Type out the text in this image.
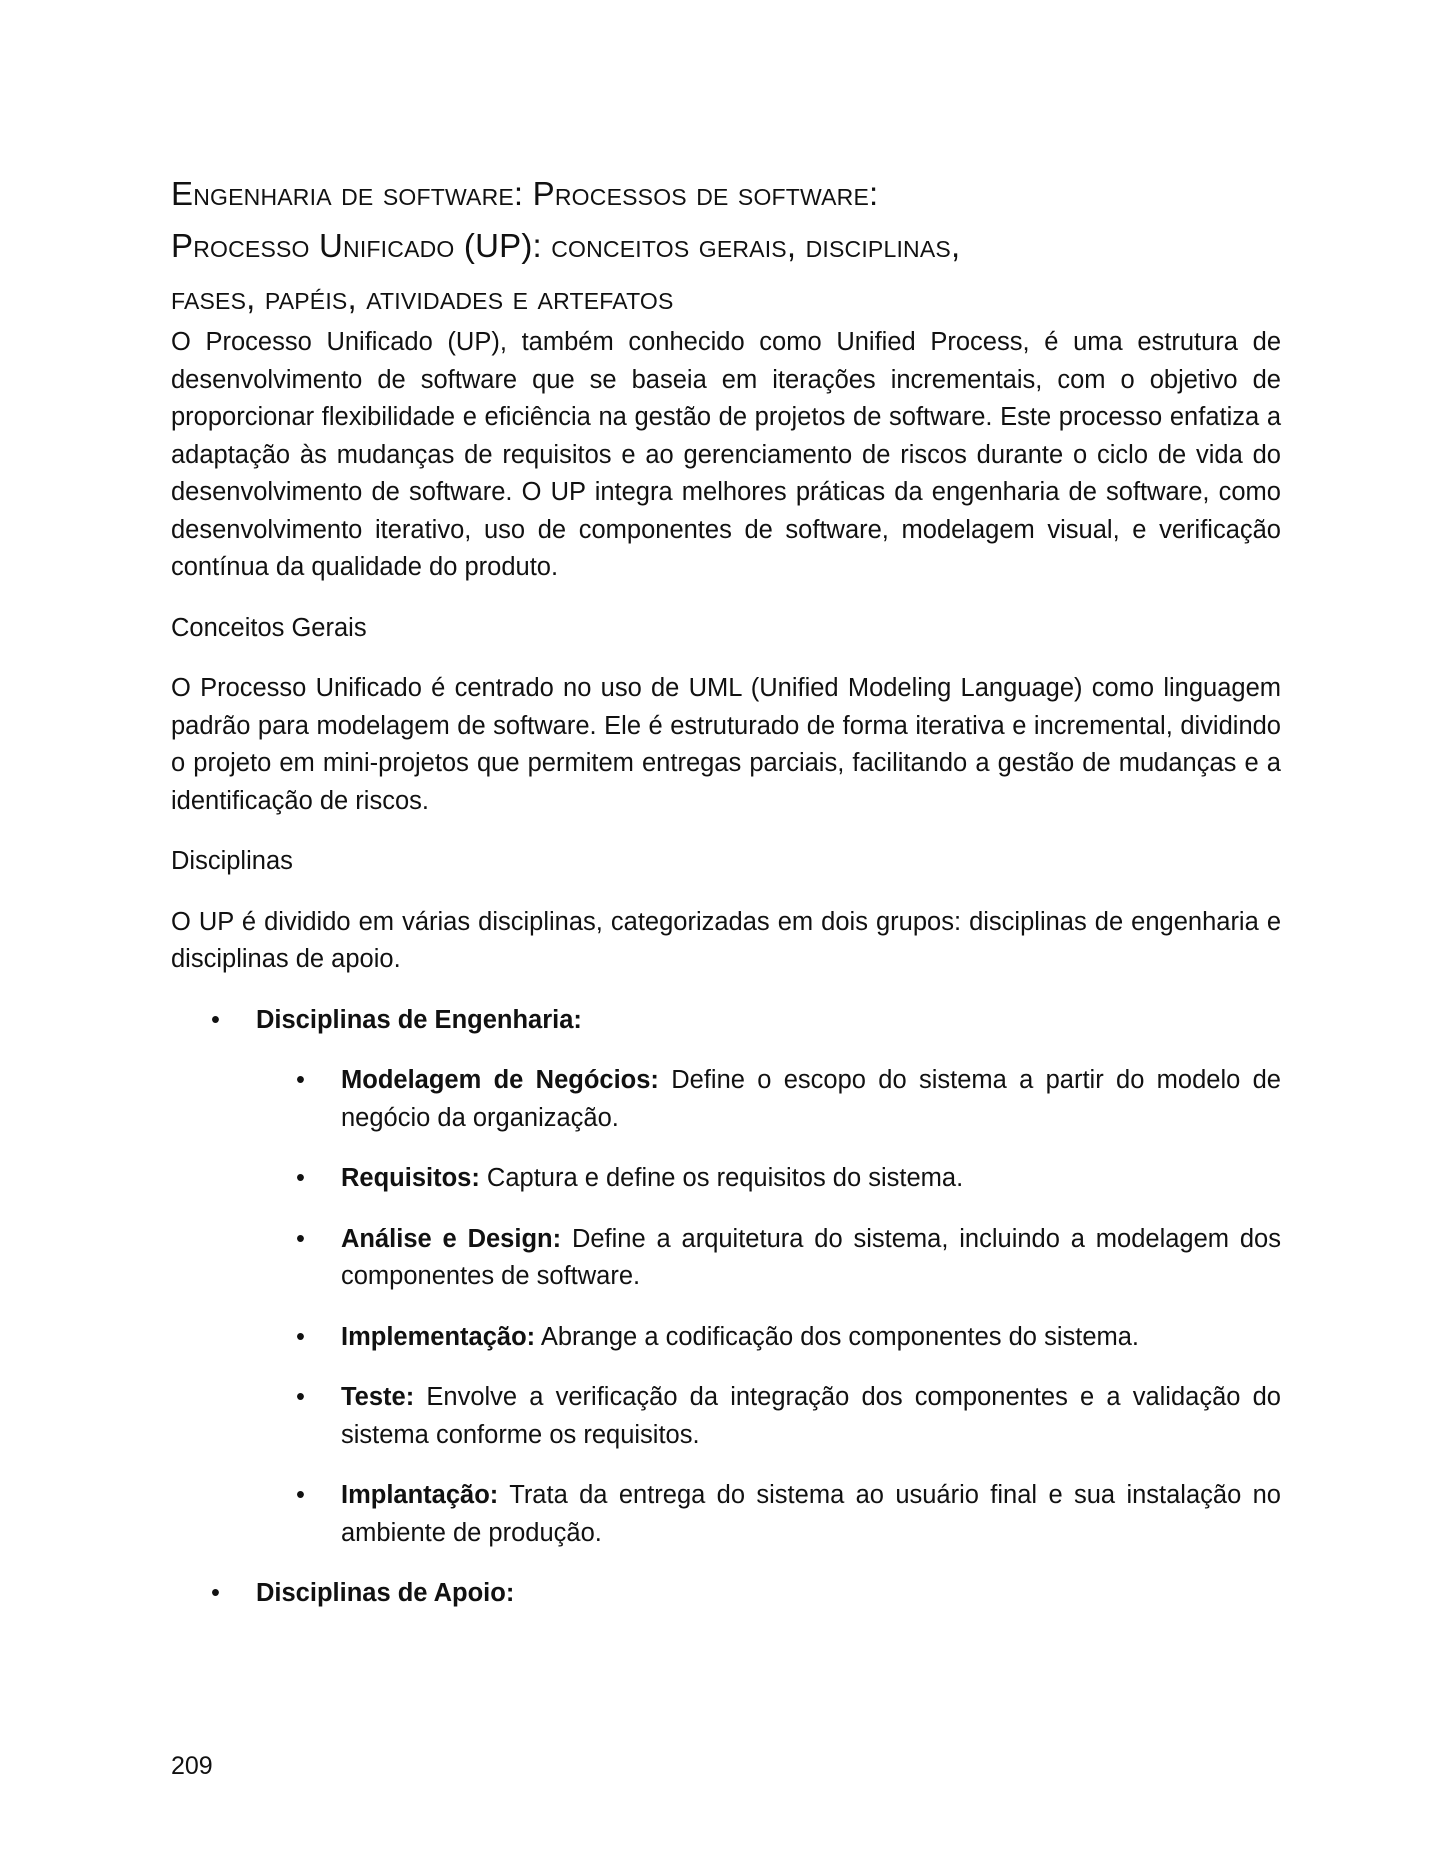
Engenharia de software: Processos de software:
Processo Unificado (UP): conceitos gerais, disciplinas,
fases, papéis, atividades e artefatos

O Processo Unificado (UP), também conhecido como Unified Process, é uma estrutura de desenvolvimento de software que se baseia em iterações incrementais, com o objetivo de proporcionar flexibilidade e eficiência na gestão de projetos de software. Este processo enfatiza a adaptação às mudanças de requisitos e ao gerenciamento de riscos durante o ciclo de vida do desenvolvimento de software. O UP integra melhores práticas da engenharia de software, como desenvolvimento iterativo, uso de componentes de software, modelagem visual, e verificação contínua da qualidade do produto.

Conceitos Gerais

O Processo Unificado é centrado no uso de UML (Unified Modeling Language) como linguagem padrão para modelagem de software. Ele é estruturado de forma iterativa e incremental, dividindo o projeto em mini-projetos que permitem entregas parciais, facilitando a gestão de mudanças e a identificação de riscos.

Disciplinas

O UP é dividido em várias disciplinas, categorizadas em dois grupos: disciplinas de engenharia e disciplinas de apoio.

• Disciplinas de Engenharia:
• Modelagem de Negócios: Define o escopo do sistema a partir do modelo de negócio da organização.
• Requisitos: Captura e define os requisitos do sistema.
• Análise e Design: Define a arquitetura do sistema, incluindo a modelagem dos componentes de software.
• Implementação: Abrange a codificação dos componentes do sistema.
• Teste: Envolve a verificação da integração dos componentes e a validação do sistema conforme os requisitos.
• Implantação: Trata da entrega do sistema ao usuário final e sua instalação no ambiente de produção.
• Disciplinas de Apoio:
209
